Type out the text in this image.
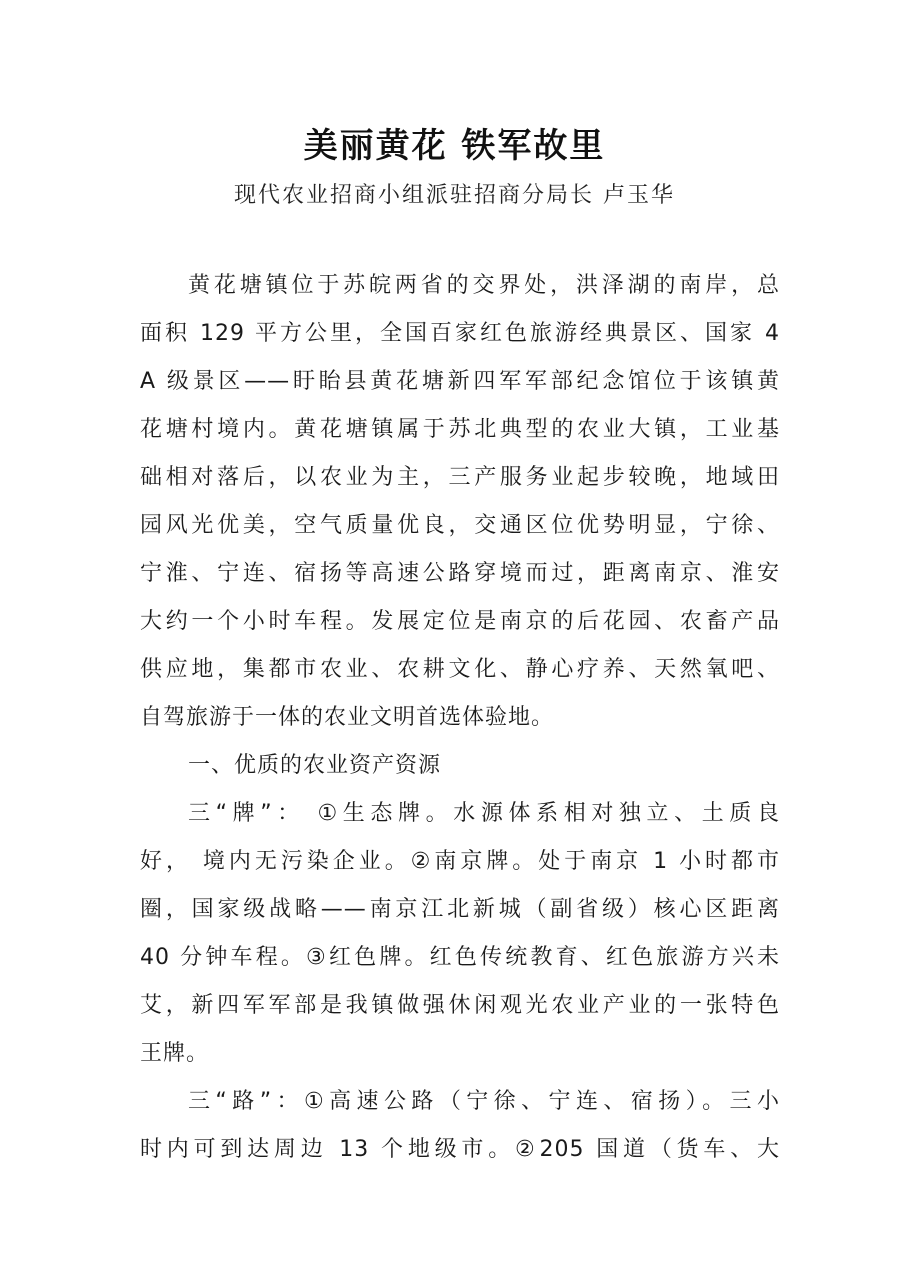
美丽黄花 铁军故里
现代农业招商小组派驻招商分局长 卢玉华
黄花塘镇位于苏皖两省的交界处，洪泽湖的南岸，总
面积 129 平方公里，全国百家红色旅游经典景区、国家 4
A 级景区——盱眙县黄花塘新四军军部纪念馆位于该镇黄
花塘村境内。黄花塘镇属于苏北典型的农业大镇，工业基
础相对落后，以农业为主，三产服务业起步较晚，地域田
园风光优美，空气质量优良，交通区位优势明显，宁徐、
宁淮、宁连、宿扬等高速公路穿境而过，距离南京、淮安
大约一个小时车程。发展定位是南京的后花园、农畜产品
供应地，集都市农业、农耕文化、静心疗养、天然氧吧、
自驾旅游于一体的农业文明首选体验地。
一、优质的农业资产资源
三“牌”： ①生态牌。水源体系相对独立、土质良
好， 境内无污染企业。②南京牌。处于南京 1 小时都市
圈，国家级战略——南京江北新城（副省级）核心区距离
40 分钟车程。③红色牌。红色传统教育、红色旅游方兴未
艾，新四军军部是我镇做强休闲观光农业产业的一张特色
王牌。
三“路”：①高速公路（宁徐、宁连、宿扬）。三小
时内可到达周边 13 个地级市。②205 国道（货车、大
